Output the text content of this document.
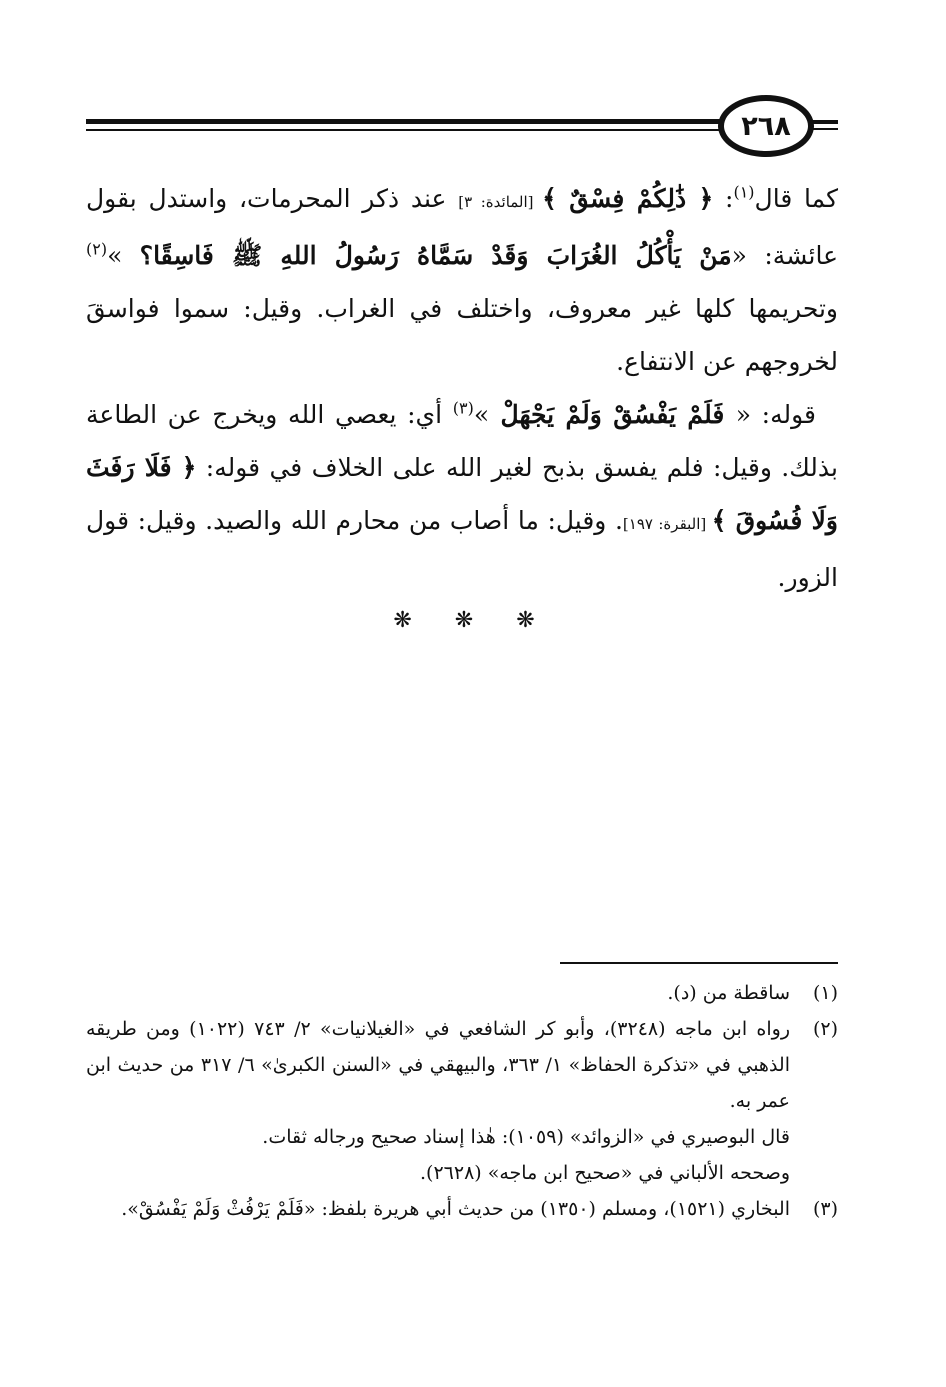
٢٦٨

كما قال$^{(١)}$: ﴿ ذَٰلِكُمْ فِسْقٌ ﴾ [المائدة: ٣] عند ذكر المحرمات، واستدل بقول عائشة: «مَنْ يَأْكُلُ الغُرَابَ وَقَدْ سَمَّاهُ رَسُولُ اللهِ ﷺ فَاسِقًا؟ »$^{(٢)}$ وتحريمها كلها غير معروف، واختلف في الغراب. وقيل: سموا فواسقَ لخروجهم عن الانتفاع.

قوله: « فَلَمْ يَفْسُقْ وَلَمْ يَجْهَلْ »$^{(٣)}$ أي: يعصي الله ويخرج عن الطاعة بذلك. وقيل: فلم يفسق بذبح لغير الله على الخلاف في قوله: ﴿ فَلَا رَفَثَ وَلَا فُسُوقَ ﴾ [البقرة: ١٩٧]. وقيل: ما أصاب من محارم الله والصيد. وقيل: قول الزور.

❋ ❋ ❋
(١)

ساقطة من (د).

(٢)

رواه ابن ماجه (٣٢٤٨)، وأبو كر الشافعي في «الغيلانيات» ٢/ ٧٤٣ (١٠٢٢) ومن طريقه الذهبي في «تذكرة الحفاظ» ١/ ٣٦٣، والبيهقي في «السنن الكبرىٰ» ٦/ ٣١٧ من حديث ابن عمر به.

قال البوصيري في «الزوائد» (١٠٥٩): هٰذا إسناد صحيح ورجاله ثقات.

وصححه الألباني في «صحيح ابن ماجه» (٢٦٢٨).

(٣)

البخاري (١٥٢١)، ومسلم (١٣٥٠) من حديث أبي هريرة بلفظ: «فَلَمْ يَرْفُثْ وَلَمْ يَفْسُقْ».
